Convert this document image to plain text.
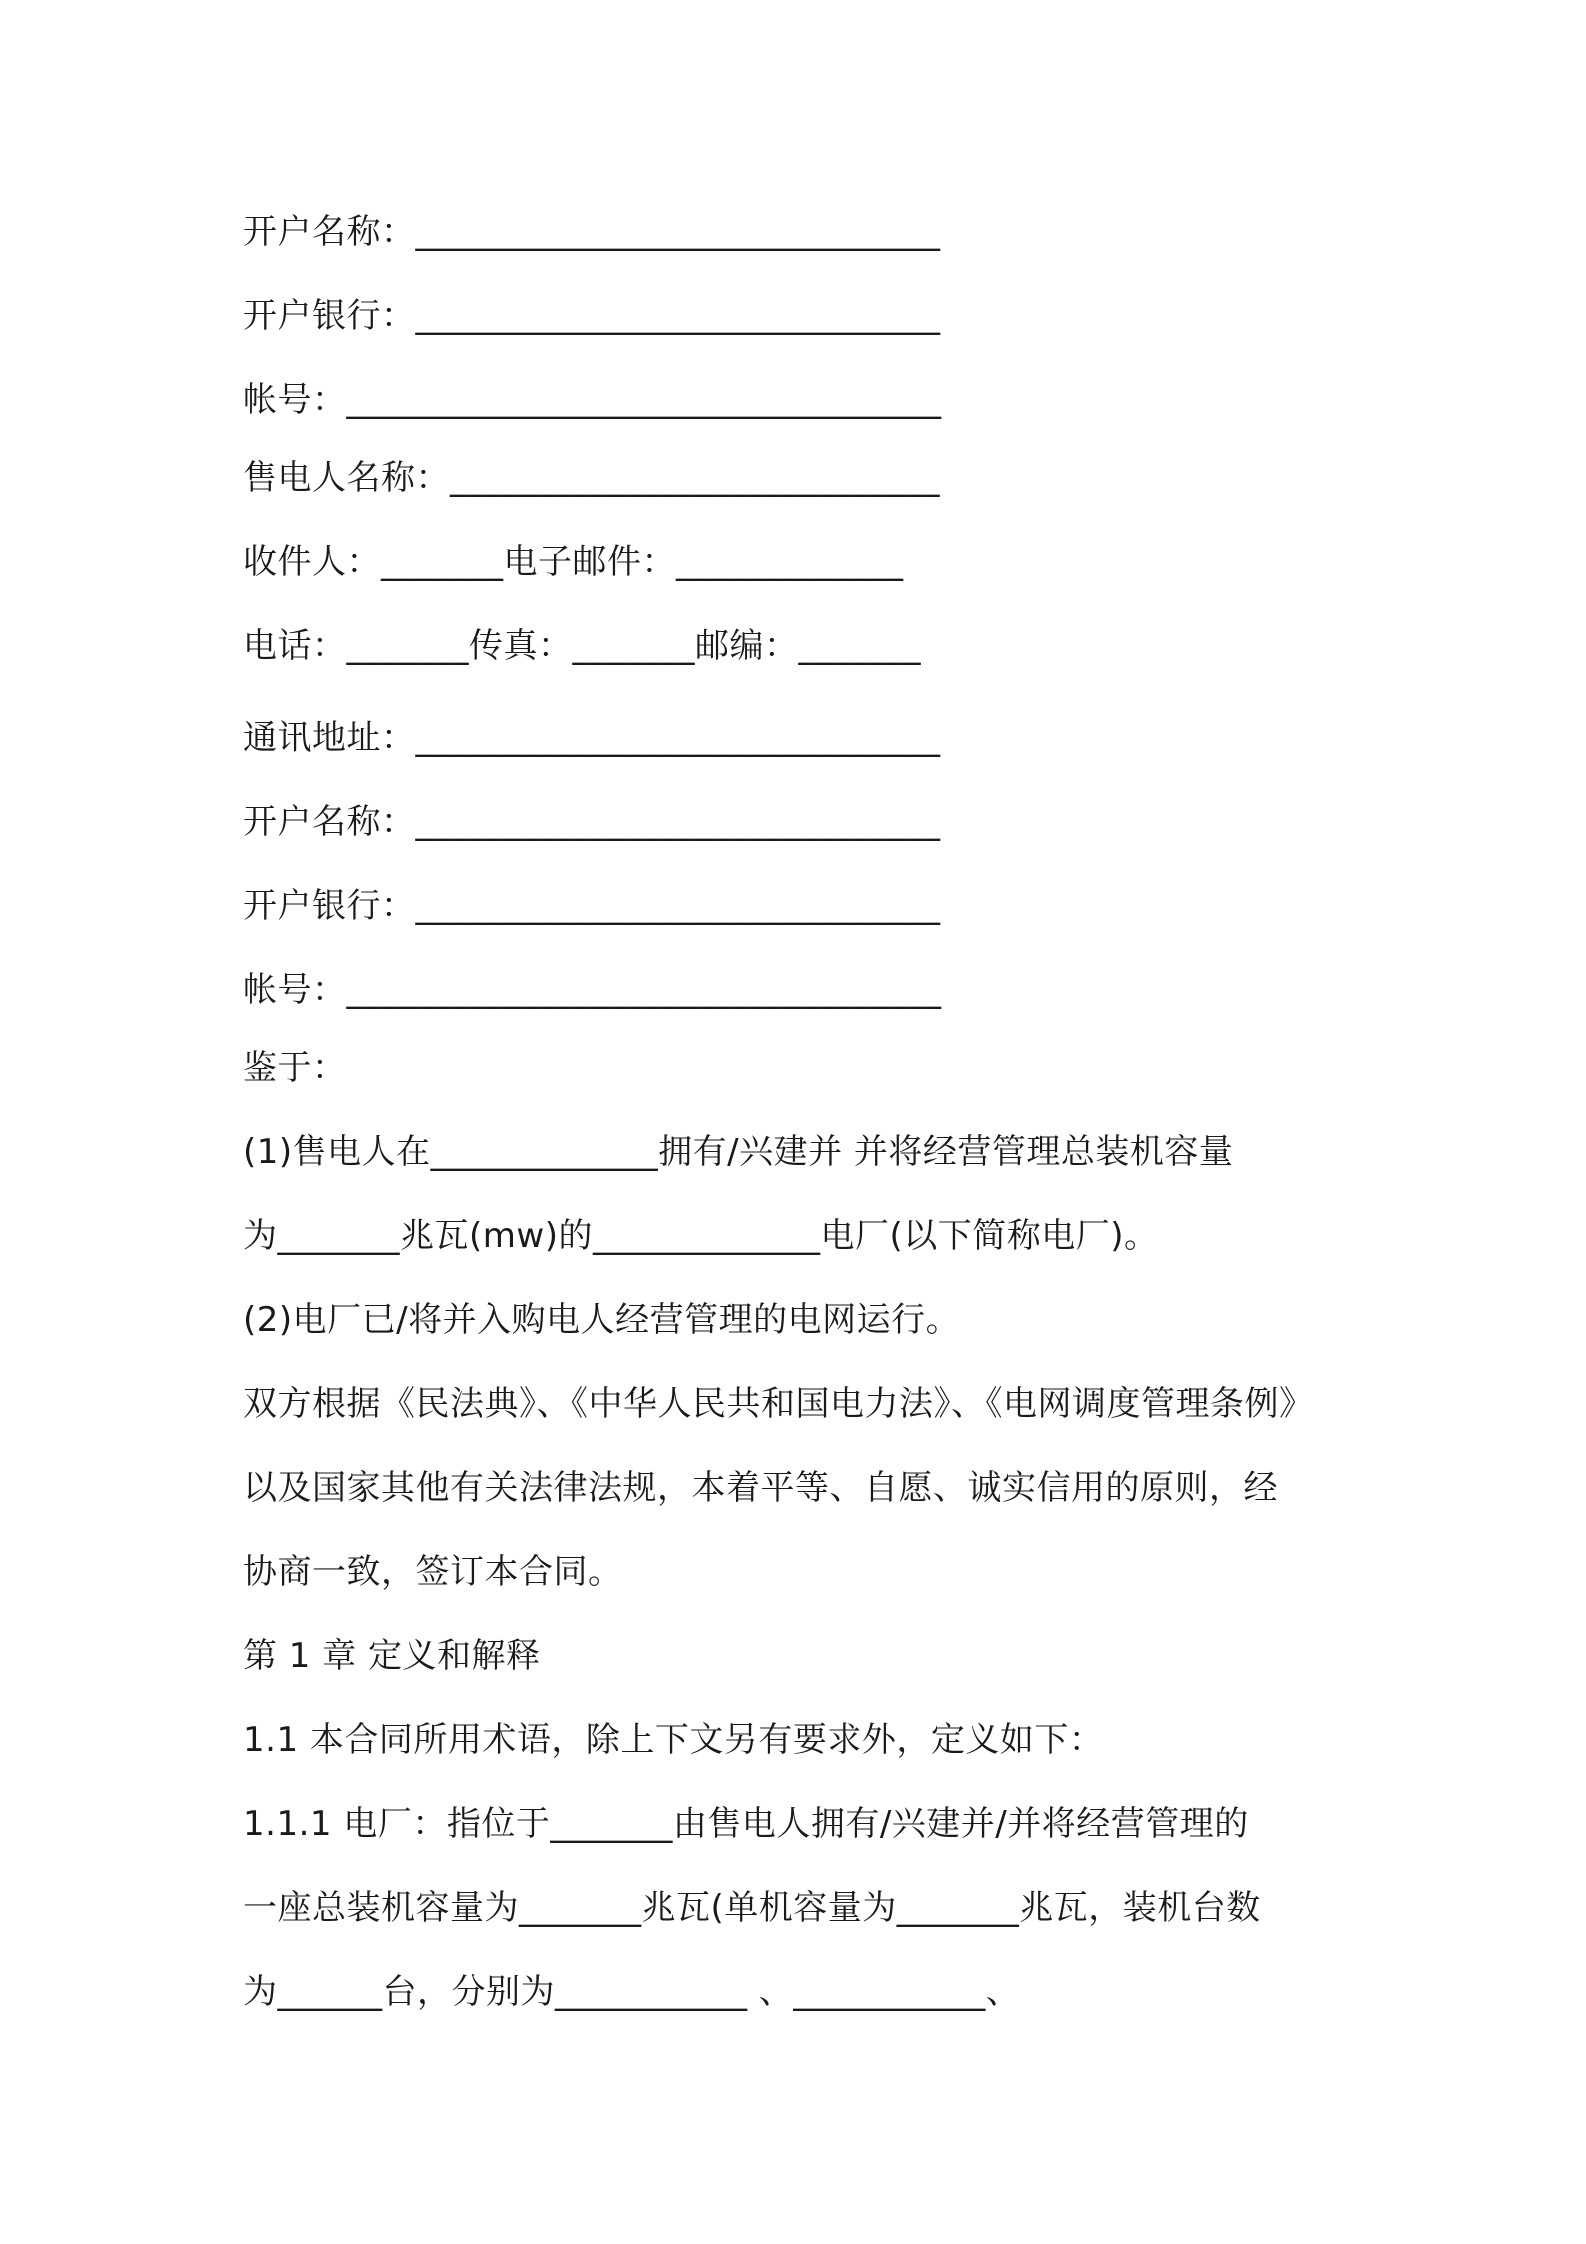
开户名称：______________________________
开户银行：______________________________
帐号：__________________________________
售电人名称：____________________________
收件人：_______电子邮件：_____________
电话：_______传真：_______邮编：_______
通讯地址：______________________________
开户名称：______________________________
开户银行：______________________________
帐号：__________________________________
鉴于：
(1)售电人在_____________拥有/兴建并 并将经营管理总装机容量
为_______兆瓦(mw)的_____________电厂(以下简称电厂)。
(2)电厂已/将并入购电人经营管理的电网运行。
双方根据《民法典》、《中华人民共和国电力法》、《电网调度管理条例》
以及国家其他有关法律法规，本着平等、自愿、诚实信用的原则，经
协商一致，签订本合同。
第 1 章 定义和解释
1.1 本合同所用术语，除上下文另有要求外，定义如下：
1.1.1 电厂：指位于_______由售电人拥有/兴建并/并将经营管理的
一座总装机容量为_______兆瓦(单机容量为_______兆瓦，装机台数
为______台，分别为___________ 、___________、
